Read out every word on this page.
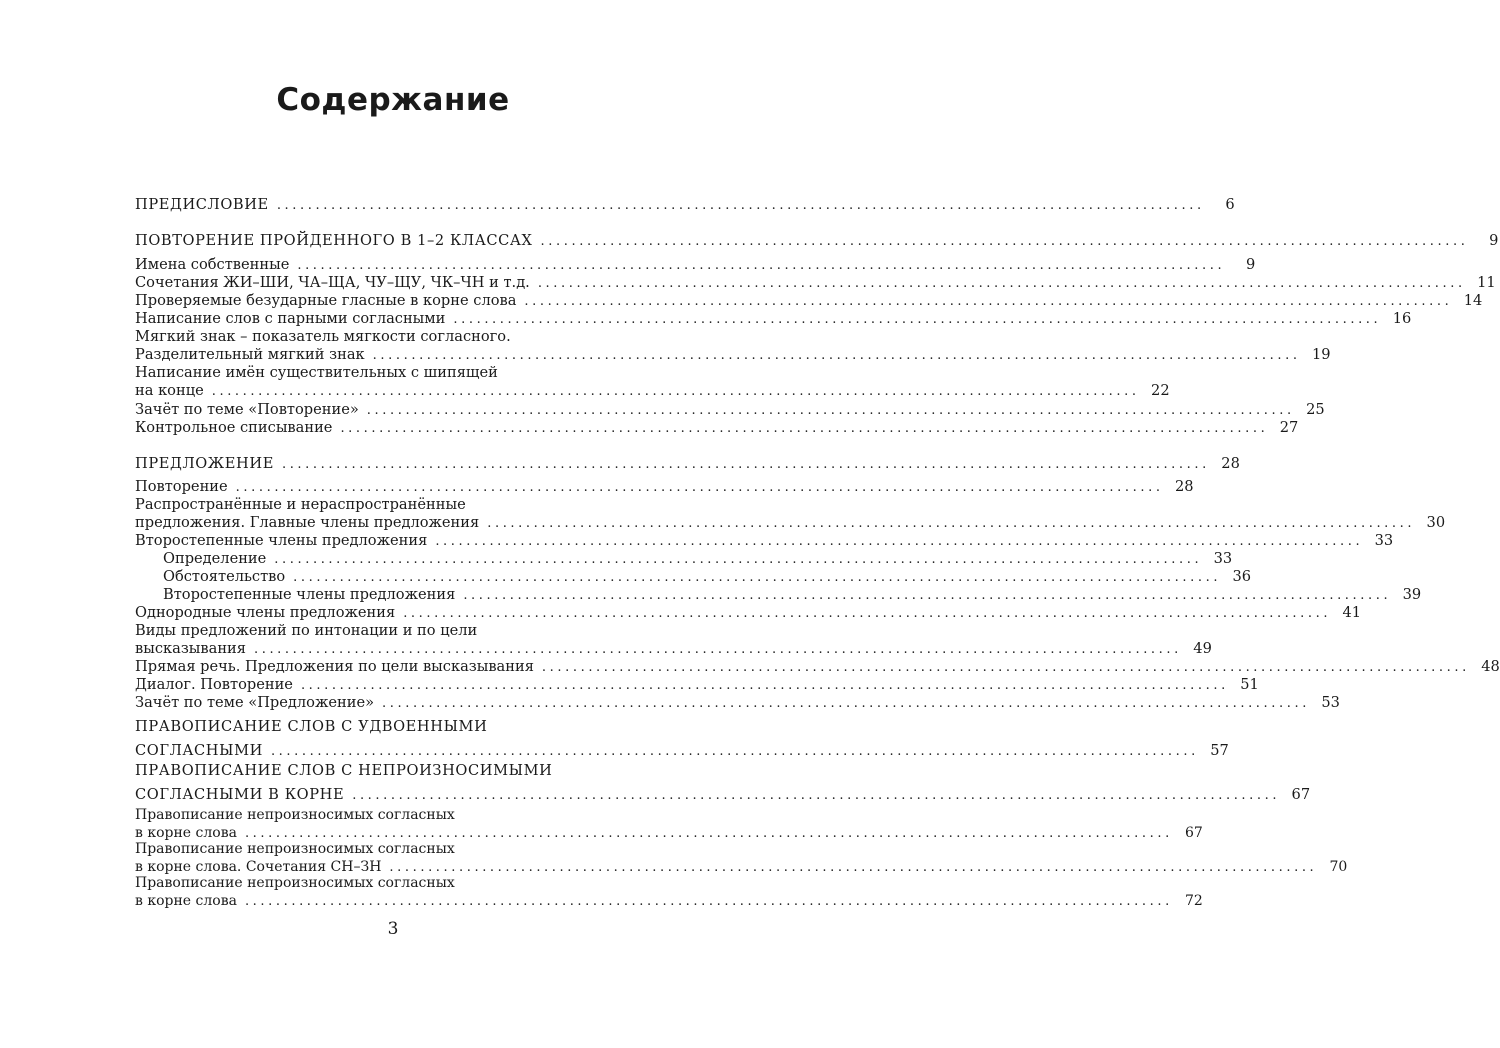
Содержание
ПРЕДИСЛОВИЕ ........................................................................................................................	6
ПОВТОРЕНИЕ ПРОЙДЕННОГО В 1–2 КЛАССАХ ........................................................................................................................	9
Имена собственные ........................................................................................................................	9
Сочетания ЖИ–ШИ, ЧА–ЩА, ЧУ–ЩУ, ЧК–ЧН и т.д. ........................................................................................................................ 11
Проверяемые безударные гласные в корне слова ........................................................................................................................ 14
Написание слов с парными согласными ........................................................................................................................ 16
Мягкий знак – показатель мягкости согласного.
Разделительный мягкий знак ........................................................................................................................ 19
Написание имён существительных с шипящей
на конце ........................................................................................................................ 22
Зачёт по теме «Повторение» ........................................................................................................................ 25
Контрольное списывание ........................................................................................................................ 27
ПРЕДЛОЖЕНИЕ ........................................................................................................................ 28
Повторение ........................................................................................................................ 28
Распространённые и нераспространённые
предложения. Главные члены предложения ........................................................................................................................ 30
Второстепенные члены предложения ........................................................................................................................ 33
Определение ........................................................................................................................ 33
Обстоятельство ........................................................................................................................ 36
Второстепенные члены предложения ........................................................................................................................ 39
Однородные члены предложения ........................................................................................................................ 41
Виды предложений по интонации и по цели
высказывания ........................................................................................................................ 49
Прямая речь. Предложения по цели высказывания ........................................................................................................................ 48
Диалог. Повторение ........................................................................................................................ 51
Зачёт по теме «Предложение» ........................................................................................................................ 53
ПРАВОПИСАНИЕ СЛОВ С УДВОЕННЫМИ
СОГЛАСНЫМИ ........................................................................................................................ 57
ПРАВОПИСАНИЕ СЛОВ С НЕПРОИЗНОСИМЫМИ
СОГЛАСНЫМИ В КОРНЕ ........................................................................................................................ 67
Правописание непроизносимых согласных
в корне слова ........................................................................................................................ 67
Правописание непроизносимых согласных
в корне слова. Сочетания СН–ЗН ........................................................................................................................ 70
Правописание непроизносимых согласных
в корне слова ........................................................................................................................ 72
3
